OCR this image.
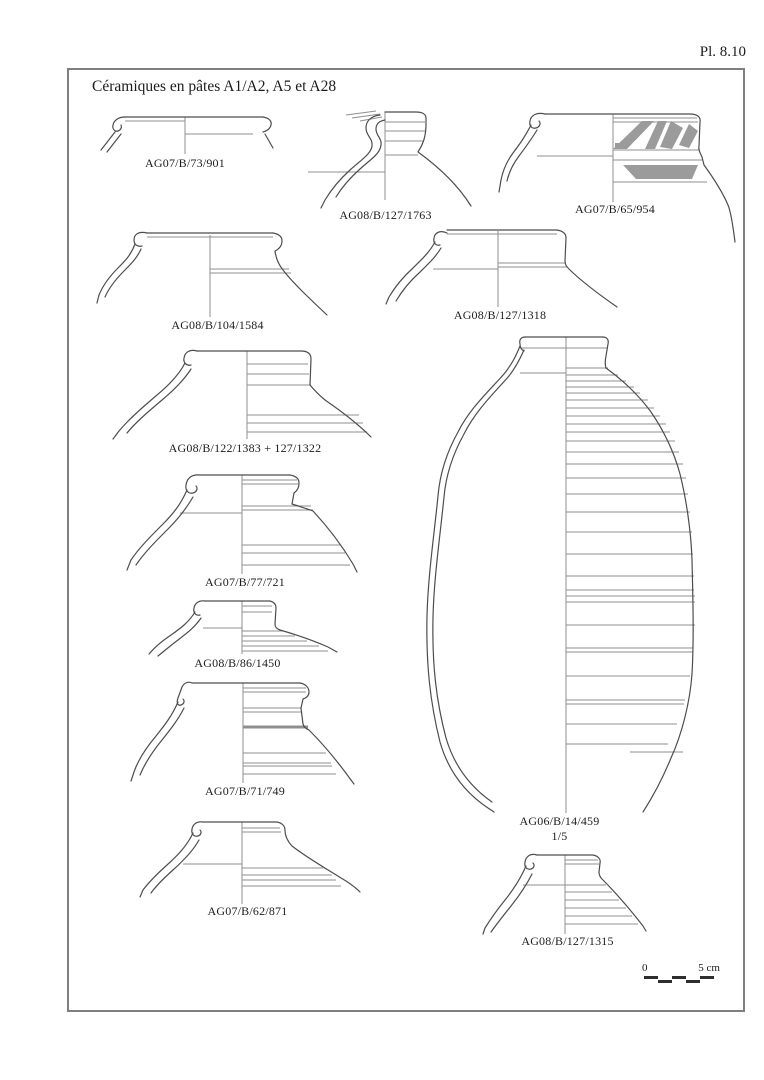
Pl. 8.10
Céramiques en pâtes A1/A2, A5 et A28
AG07/B/73/901
AG08/B/127/1763	AG07/B/65/954
AG08/B/104/1584
AG08/B/127/1318
AG08/B/122/1383 + 127/1322
AG07/B/77/721
AG08/B/86/1450
AG07/B/71/749
AG07/B/62/871
AG06/B/14/459
1/5
AG08/B/127/1315
0	5 cm
